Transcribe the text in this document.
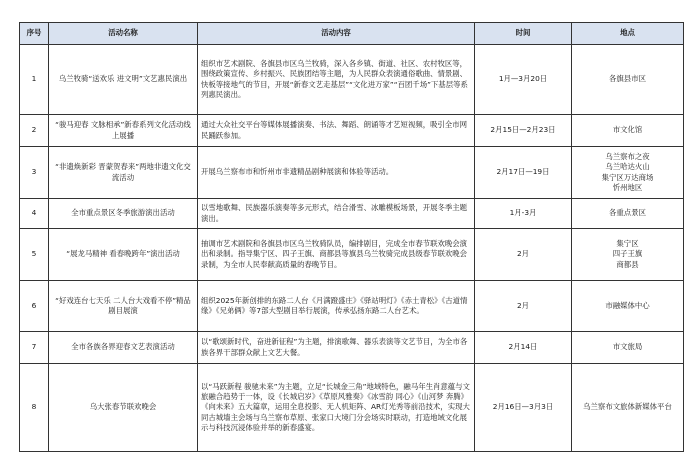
序号	活动名称	活动内容	时间	地点
1	乌兰牧骑“送欢乐 进文明”文艺惠民演出	组织市艺术剧院、各旗县市区乌兰牧骑，深入各乡镇、街道、社区、农村牧区等，围绕政策宣传、乡村振兴、民族团结等主题，为人民群众表演通俗歌曲、情景剧、快板等接地气的节目，开展“新春文艺走基层”“文化进万家”“百团千场”下基层等系列惠民演出。	1月—3月20日	各旗县市区
2	“骏马迎春 文脉相承”新春系列文化活动线上展播	通过大众社交平台等媒体展播演奏、书法、舞蹈、朗诵等才艺短视频，吸引全市网民踊跃参加。	2月15日—2月23日	市文化馆
3	“非遗焕新彩 晋蒙贺春来”两地非遗文化交流活动	开展乌兰察布市和忻州市非遗精品剧种展演和体验等活动。	2月17日—19日	乌兰察布之夜
乌兰哈达火山
集宁区万达商场
忻州地区
4	全市重点景区冬季旅游演出活动	以雪地歌舞、民族器乐演奏等多元形式，结合滑雪、冰雕模板场景，开展冬季主题演出。	1月-3月	各重点景区
5	“展龙马精神 看春晚跨年”演出活动	抽调市艺术剧院和各旗县市区乌兰牧骑队员，编排剧目，完成全市春节联欢晚会演出和录制。指导集宁区、四子王旗、商都县等旗县乌兰牧骑完成县级春节联欢晚会录制，为全市人民奉献高质量的春晚节目。	2月	集宁区
四子王旗
商都县
6	“好戏连台七天乐 二人台大戏看不停”精品剧目展演	组织2025年新创排的东路二人台《月满蹬盛庄》《驿站明灯》《赤土青松》《古道情缘》《兄弟俩》等7部大型剧目举行展演，传承弘扬东路二人台艺术。	2月	市融媒体中心
7	全市各族各界迎春文艺表演活动	以“歌颂新时代，奋进新征程”为主题，排演歌舞、器乐表演等文艺节目，为全市各族各界干部群众献上文艺大餐。	2月14日	市文旅局
8	乌大张春节联欢晚会	以“马跃新程 骏驰未来”为主题，立足“长城金三角”地域特色，融马年生肖意蕴与文旅融合趋势于一体，设《长城启岁》《草原风雅奏》《冰雪韵 同心》《山河梦 奔腾》《向未来》五大篇章，运用全息投影、无人机矩阵、AR灯光秀等前沿技术，实现大同古城墙主会场与乌兰察布草原、张家口大境门分会场实时联动，打造地域文化展示与科技沉浸体验并举的新春盛宴。	2月16日—3月3日	乌兰察布文旅体新媒体平台
